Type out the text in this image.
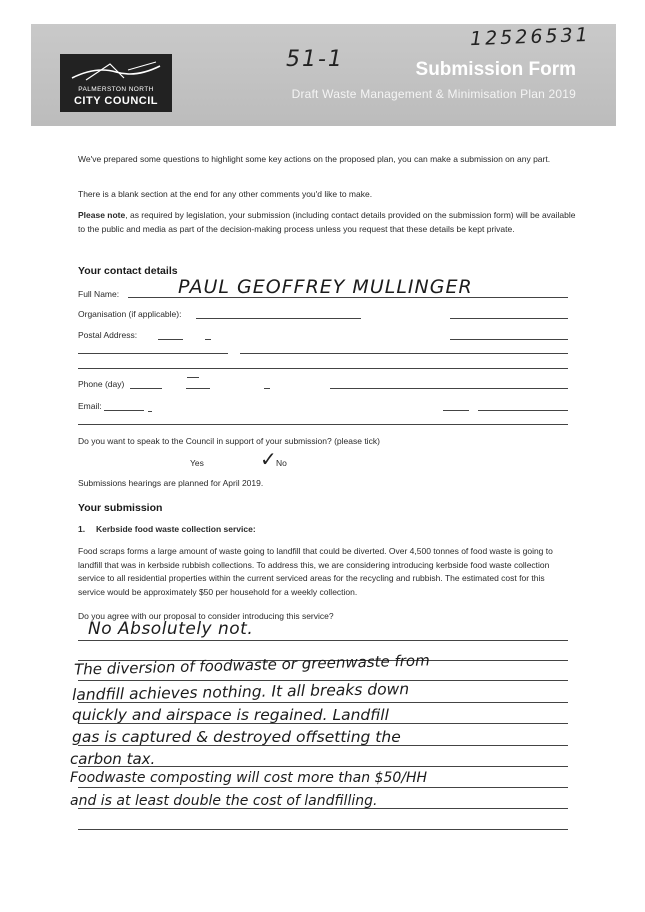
PALMERSTON NORTH
CITY COUNCIL
Submission Form
Draft Waste Management & Minimisation Plan 2019
12526531
51-1
We've prepared some questions to highlight some key actions on the proposed plan, you can make a submission on any part.
There is a blank section at the end for any other comments you'd like to make.
Please note, as required by legislation, your submission (including contact details provided on the submission form) will be available to the public and media as part of the decision-making process unless you request that these details be kept private.
Your contact details
Full Name:	PAUL GEOFFREY MULLINGER
Organisation (if applicable):
Postal Address:
Phone (day)
Email:
Do you want to speak to the Council in support of your submission? (please tick)
Yes	No
✓
Submissions hearings are planned for April 2019.
Your submission
1. Kerbside food waste collection service:
Food scraps forms a large amount of waste going to landfill that could be diverted. Over 4,500 tonnes of food waste is going to landfill that was in kerbside rubbish collections. To address this, we are considering introducing kerbside food waste collection service to all residential properties within the current serviced areas for the recycling and rubbish. The estimated cost for this service would be approximately $50 per household for a weekly collection.
Do you agree with our proposal to consider introducing this service?
No Absolutely not.
The diversion of foodwaste or greenwaste from
landfill achieves nothing. It all breaks down
quickly and airspace is regained. Landfill
gas is captured & destroyed offsetting the
carbon tax.
Foodwaste composting will cost more than $50/HH
and is at least double the cost of landfilling.
